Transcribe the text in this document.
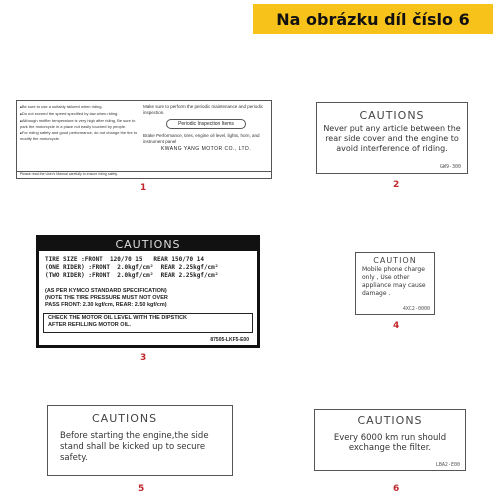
Na obrázku díl číslo 6
■ Be sure to use a suitably tailored when riding.
■ Do not exceed the speed specified by law when riding.
■ Although muffler temperature is very high after riding, Be sure to park the motorcycle in a place not easily touched by people.
■ For riding safety and good performance, do not change the tire to modify the motorcycle.
Make sure to perform the periodic maintenance and periodic inspection.
Periodic Inspection Items
Brake Performance, tires, engine oil level, lights, horn, and instrument panel
KWANG YANG MOTOR CO., LTD.
Please read the User's Manual carefully to ensure riding safety.
1
CAUTIONS
Never put any article between the rear side cover and the engine to avoid interference of riding.
GW9-300
2
CAUTIONS
TIRE SIZE :FRONT  120/70 15   REAR 150/70 14
(ONE RIDER) :FRONT  2.0kgf/cm²  REAR 2.25kgf/cm²
(TWO RIDER) :FRONT  2.0kgf/cm²  REAR 2.25kgf/cm²
(AS PER KYMCO STANDARD SPECIFICATION)
(NOTE THE TIRE PRESSURE MUST NOT OVER
PASS FRONT: 2.30 kgf/cm, REAR: 2.50 kgf/cm)
CHECK THE MOTOR OIL LEVEL WITH THE DIPSTICK
AFTER REFILLING MOTOR OIL.
87505-LKF5-E00
3
CAUTION
Mobile phone charge only , Use other appliance may cause damage .
4XC2-0000
4
CAUTIONS
Before starting the engine,the side stand shall be kicked up to secure safety.
5
CAUTIONS
Every 6000 km run should exchange the filter.
LBA2-E00
6
